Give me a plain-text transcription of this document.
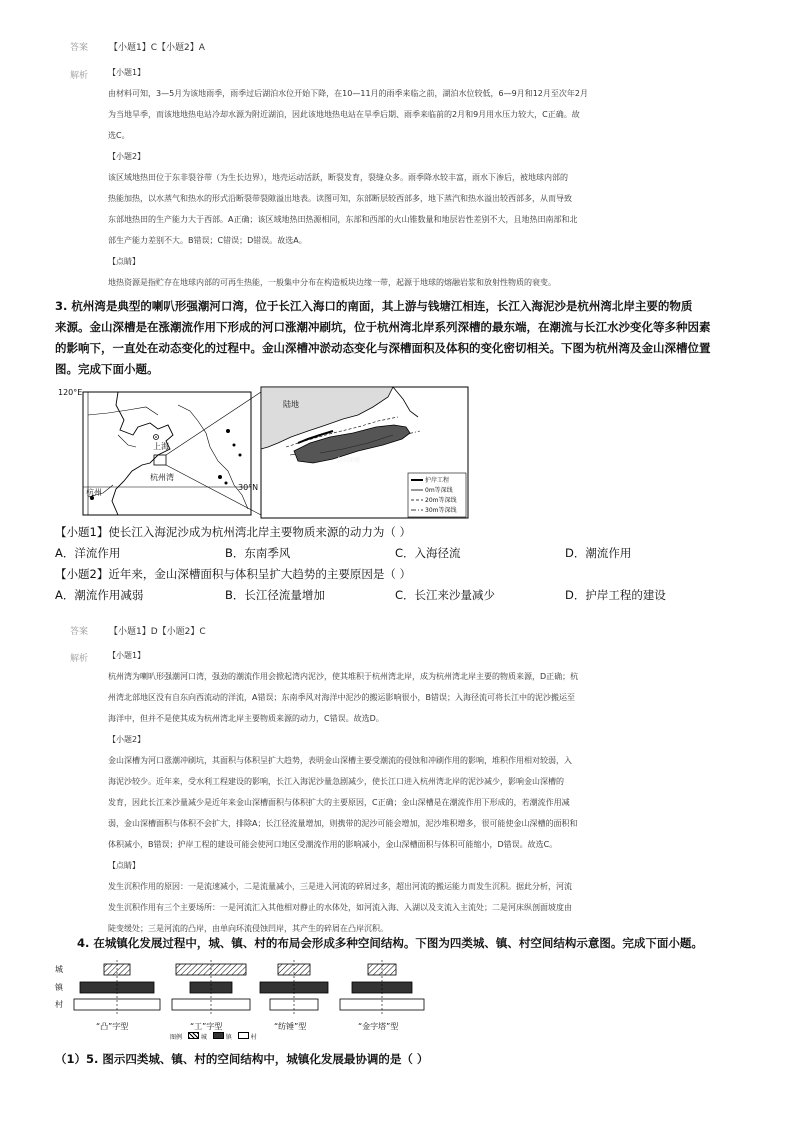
答案 【小题1】C【小题2】A
解析 【小题1】

由材料可知，3—5月为该地雨季，雨季过后湖泊水位开始下降，在10—11月的雨季来临之前，湖泊水位较低，6—9月和12月至次年2月

为当地旱季，而该地地热电站冷却水源为附近湖泊，因此该地地热电站在旱季后期、雨季来临前的2月和9月用水压力较大，C正确。故

选C。

【小题2】

该区域地热田位于东非裂谷带（为生长边界），地壳运动活跃，断裂发育，裂缝众多。雨季降水较丰富，雨水下渗后，被地球内部的

热能加热，以水蒸气和热水的形式沿断裂带裂隙溢出地表。读图可知，东部断层较西部多，地下蒸汽和热水溢出较西部多，从而导致

东部地热田的生产能力大于西部。A正确；该区域地热田热源相同，东部和西部的火山锥数量和地层岩性差别不大，且地热田南部和北

部生产能力差别不大。B错误；C错误；D错误。故选A。

【点睛】

地热资源是指贮存在地球内部的可再生热能，一般集中分布在构造板块边缘一带，起源于地球的熔融岩浆和放射性物质的衰变。

3. 杭州湾是典型的喇叭形强潮河口湾，位于长江入海口的南面，其上游与钱塘江相连，长江入海泥沙是杭州湾北岸主要的物质

来源。金山深槽是在涨潮流作用下形成的河口涨潮冲刷坑，位于杭州湾北岸系列深槽的最东端，在潮流与长江水沙变化等多种因素

的影响下，一直处在动态变化的过程中。金山深槽冲淤动态变化与深槽面积及体积的变化密切相关。下图为杭州湾及金山深槽位置

图。完成下面小题。

120°E
30°N
上海
杭州湾
杭州
陆地
金山深槽
护岸工程
0m等深线
20m等深线
30m等深线
【小题1】使长江入海泥沙成为杭州湾北岸主要物质来源的动力为（ ）
A．洋流作用	B．东南季风	C．入海径流	D．潮流作用
【小题2】近年来，金山深槽面积与体积呈扩大趋势的主要原因是（ ）
A．潮流作用减弱	B．长江径流量增加	C．长江来沙量减少	D．护岸工程的建设
答案 【小题1】D【小题2】C
解析 【小题1】

杭州湾为喇叭形强潮河口湾，强劲的潮流作用会掀起湾内泥沙，使其堆积于杭州湾北岸，成为杭州湾北岸主要的物质来源，D正确；杭

州湾北部地区没有自东向西流动的洋流，A错误；东南季风对海洋中泥沙的搬运影响很小，B错误；入海径流可将长江中的泥沙搬运至

海洋中，但并不是使其成为杭州湾北岸主要物质来源的动力，C错误。故选D。

【小题2】

金山深槽为河口涨潮冲刷坑，其面积与体积呈扩大趋势，表明金山深槽主要受潮流的侵蚀和冲刷作用的影响，堆积作用相对较弱，入

海泥沙较少。近年来，受水利工程建设的影响，长江入海泥沙量急剧减少，使长江口进入杭州湾北岸的泥沙减少，影响金山深槽的

发育，因此长江来沙量减少是近年来金山深槽面积与体积扩大的主要原因，C正确；金山深槽是在潮流作用下形成的，若潮流作用减

弱，金山深槽面积与体积不会扩大，排除A；长江径流量增加，则携带的泥沙可能会增加，泥沙堆积增多，很可能使金山深槽的面积和

体积减小，B错误；护岸工程的建设可能会使河口地区受潮流作用的影响减小，金山深槽面积与体积可能缩小，D错误。故选C。

【点睛】

发生沉积作用的原因：一是流速减小，二是流量减小，三是进入河流的碎屑过多，超出河流的搬运能力而发生沉积。据此分析，河流

发生沉积作用有三个主要场所：一是河流汇入其他相对静止的水体处，如河流入海、入湖以及支流入主流处；二是河床纵剖面坡度由

陡变缓处；三是河流的凸岸，由单向环流侵蚀凹岸，其产生的碎屑在凸岸沉积。

4. 在城镇化发展过程中，城、镇、村的布局会形成多种空间结构。下图为四类城、镇、村空间结构示意图。完成下面小题。
城
镇
村
“凸”字型	“工”字型	“纺锤”型	“金字塔”型
图例	城	镇	村
（1）5. 图示四类城、镇、村的空间结构中，城镇化发展最协调的是（ ）
